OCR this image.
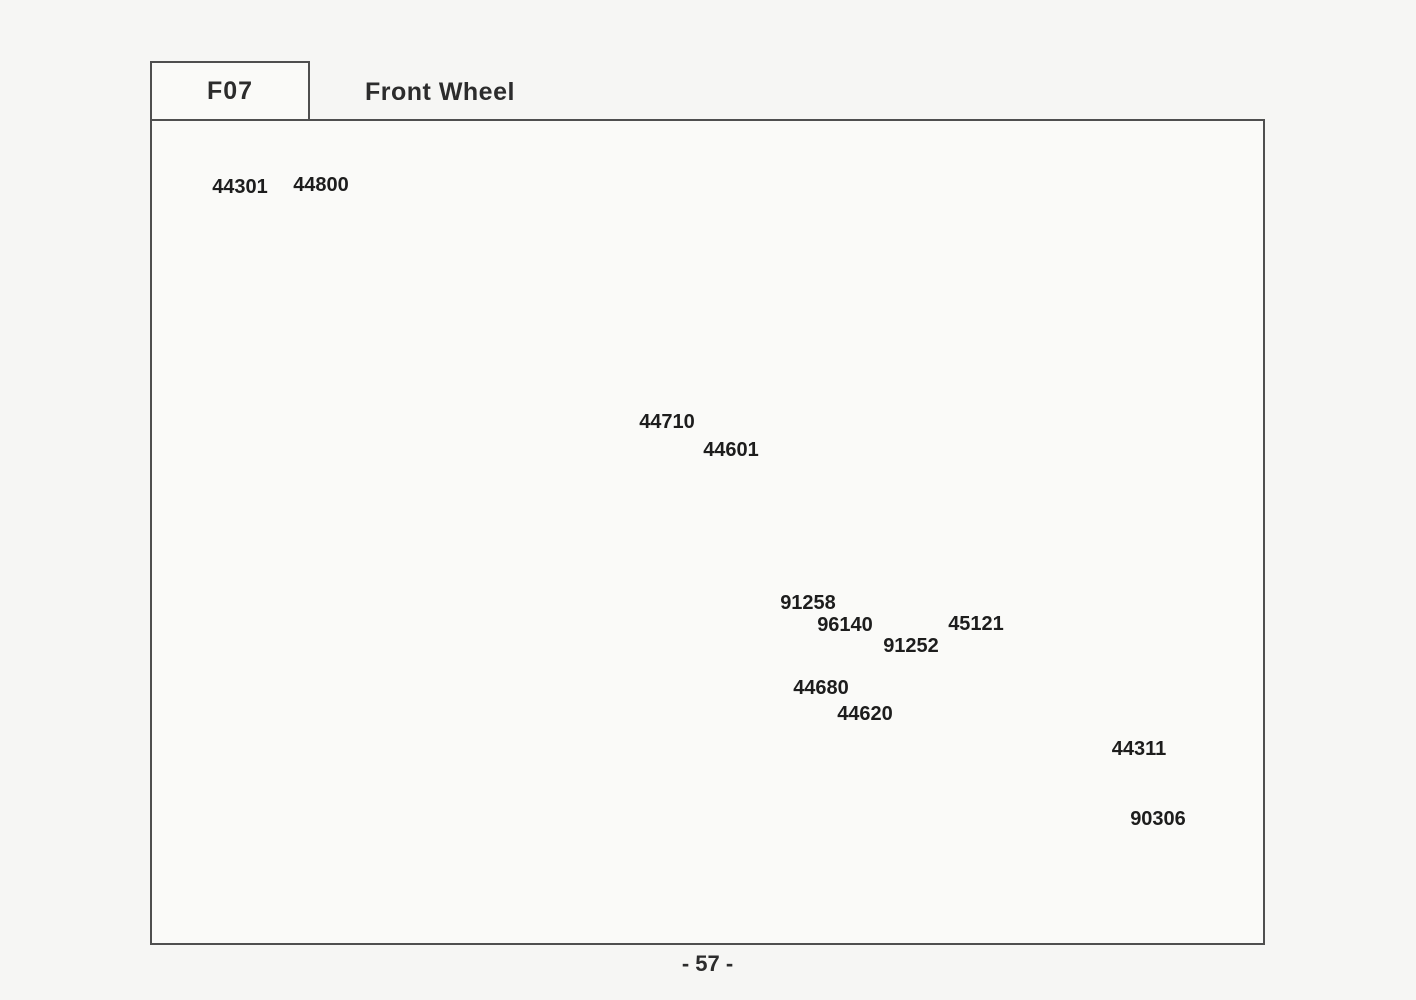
F07	Front Wheel
- 57 -
44301 44800
44710
44601
91258
96140
91252
45121
44680
44620
44311
90306
